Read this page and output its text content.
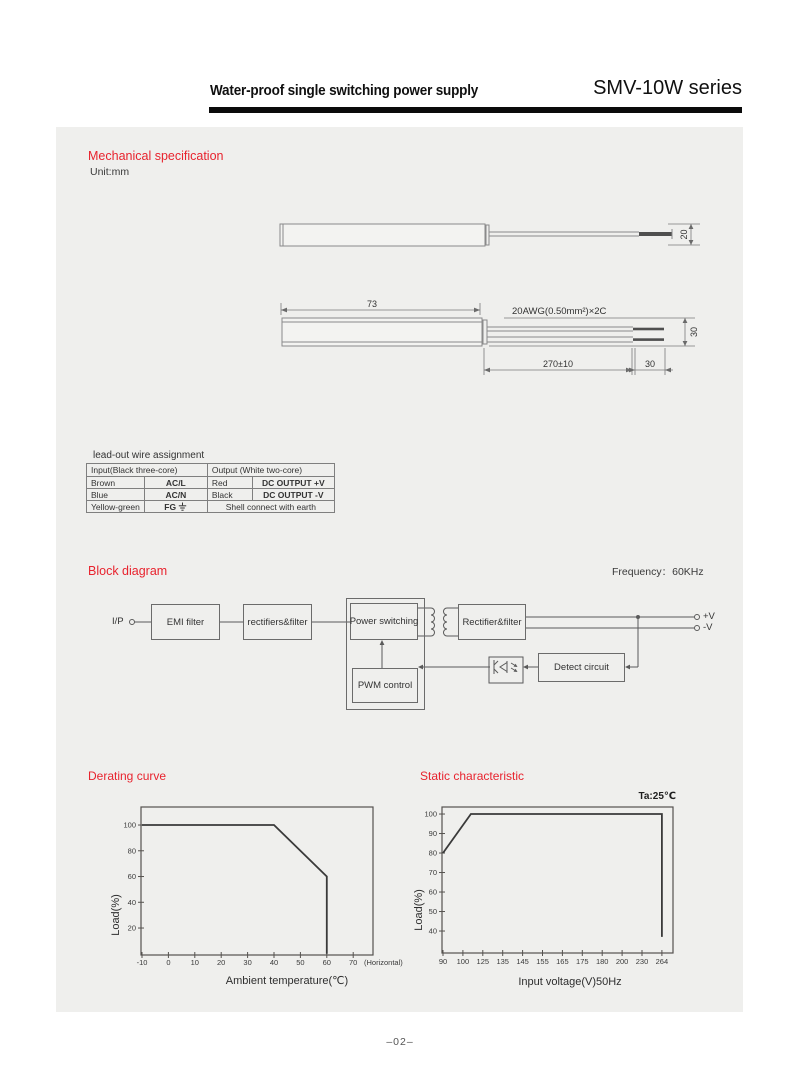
Water-proof single switching power supply	SMV-10W series
Mechanical specification
Unit:mm
20
73
20AWG(0.50mm²)×2C
30
270±10	30
lead-out wire assignment
Input(Black three-core)		Output (White two-core)	
Brown	AC/L	Red	DC OUTPUT +V
Blue	AC/N	Black	DC OUTPUT -V
Yellow-green	FG	Shell connect with earth	
Block diagram	Frequency：60KHz
I/P	EMI filter	rectifiers&filter	Power switching
PWM control
Rectifier&filter
Detect circuit
+V
-V
Derating curve	Static characteristic
20
40
60
80
100
-10	0	10 20 30 40 50 60 70
Ambient temperature(℃)
Load(%)
(Horizontal)
40
50
60
70
80
90
100
90 100 125 135 145 155 165 175 180 200 230 264
Input voltage(V)50Hz
Load(%)
Ta:25℃
–02–
